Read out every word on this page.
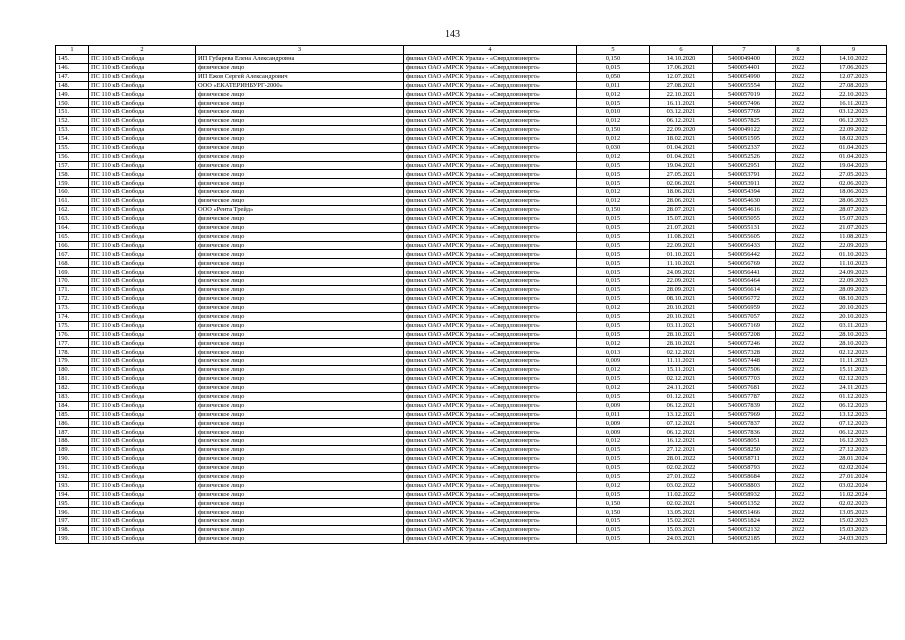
143
1	2	3	4	5	6	7	8	9
145.	ПС 110 кВ Свобода	ИП Губарева Елена Александровна	филиал ОАО «МРСК Урала» - «Свердловэнерго»	0,150	14.10.2020	5400049400	2022	14.10.2022
146.	ПС 110 кВ Свобода	физическое лицо	филиал ОАО «МРСК Урала» - «Свердловэнерго»	0,015	17.06.2021	5400054401	2022	17.06.2023
147.	ПС 110 кВ Свобода	ИП Ежов Сергей Александрович	филиал ОАО «МРСК Урала» - «Свердловэнерго»	0,050	12.07.2021	5400054990	2022	12.07.2023
148.	ПС 110 кВ Свобода	ООО «ЕКАТЕРИНБУРГ-2000»	филиал ОАО «МРСК Урала» - «Свердловэнерго»	0,011	27.08.2021	5400055554	2022	27.08.2023
149.	ПС 110 кВ Свобода	физическое лицо	филиал ОАО «МРСК Урала» - «Свердловэнерго»	0,012	22.10.2021	5400057019	2022	22.10.2023
150.	ПС 110 кВ Свобода	физическое лицо	филиал ОАО «МРСК Урала» - «Свердловэнерго»	0,015	16.11.2021	5400057496	2022	16.11.2023
151.	ПС 110 кВ Свобода	физическое лицо	филиал ОАО «МРСК Урала» - «Свердловэнерго»	0,010	03.12.2021	5400057769	2022	03.12.2023
152.	ПС 110 кВ Свобода	физическое лицо	филиал ОАО «МРСК Урала» - «Свердловэнерго»	0,012	06.12.2021	5400057825	2022	06.12.2023
153.	ПС 110 кВ Свобода	физическое лицо	филиал ОАО «МРСК Урала» - «Свердловэнерго»	0,150	22.09.2020	5400049122	2022	22.09.2022
154.	ПС 110 кВ Свобода	физическое лицо	филиал ОАО «МРСК Урала» - «Свердловэнерго»	0,012	18.02.2021	5400051595	2022	18.02.2023
155.	ПС 110 кВ Свобода	физическое лицо	филиал ОАО «МРСК Урала» - «Свердловэнерго»	0,030	01.04.2021	5400052337	2022	01.04.2023
156.	ПС 110 кВ Свобода	физическое лицо	филиал ОАО «МРСК Урала» - «Свердловэнерго»	0,012	01.04.2021	5400052526	2022	01.04.2023
157.	ПС 110 кВ Свобода	физическое лицо	филиал ОАО «МРСК Урала» - «Свердловэнерго»	0,015	19.04.2021	5400052951	2022	19.04.2023
158.	ПС 110 кВ Свобода	физическое лицо	филиал ОАО «МРСК Урала» - «Свердловэнерго»	0,015	27.05.2021	5400053791	2022	27.05.2023
159.	ПС 110 кВ Свобода	физическое лицо	филиал ОАО «МРСК Урала» - «Свердловэнерго»	0,015	02.06.2021	5400053911	2022	02.06.2023
160.	ПС 110 кВ Свобода	физическое лицо	филиал ОАО «МРСК Урала» - «Свердловэнерго»	0,012	18.06.2021	5400054394	2022	18.06.2023
161.	ПС 110 кВ Свобода	физическое лицо	филиал ОАО «МРСК Урала» - «Свердловэнерго»	0,012	28.06.2021	5400054630	2022	28.06.2023
162.	ПС 110 кВ Свобода	ООО «Рента Трейд»	филиал ОАО «МРСК Урала» - «Свердловэнерго»	0,150	28.07.2021	5400054616	2022	28.07.2023
163.	ПС 110 кВ Свобода	физическое лицо	филиал ОАО «МРСК Урала» - «Свердловэнерго»	0,015	15.07.2021	5400055055	2022	15.07.2023
164.	ПС 110 кВ Свобода	физическое лицо	филиал ОАО «МРСК Урала» - «Свердловэнерго»	0,015	21.07.2021	5400055131	2022	21.07.2023
165.	ПС 110 кВ Свобода	физическое лицо	филиал ОАО «МРСК Урала» - «Свердловэнерго»	0,015	11.08.2021	5400055605	2022	11.08.2023
166.	ПС 110 кВ Свобода	физическое лицо	филиал ОАО «МРСК Урала» - «Свердловэнерго»	0,015	22.09.2021	5400056433	2022	22.09.2023
167.	ПС 110 кВ Свобода	физическое лицо	филиал ОАО «МРСК Урала» - «Свердловэнерго»	0,015	01.10.2021	5400056442	2022	01.10.2023
168.	ПС 110 кВ Свобода	физическое лицо	филиал ОАО «МРСК Урала» - «Свердловэнерго»	0,015	11.10.2021	5400056769	2022	11.10.2023
169.	ПС 110 кВ Свобода	физическое лицо	филиал ОАО «МРСК Урала» - «Свердловэнерго»	0,015	24.09.2021	5400056441	2022	24.09.2023
170.	ПС 110 кВ Свобода	физическое лицо	филиал ОАО «МРСК Урала» - «Свердловэнерго»	0,015	22.09.2021	5400056464	2022	22.09.2023
171.	ПС 110 кВ Свобода	физическое лицо	филиал ОАО «МРСК Урала» - «Свердловэнерго»	0,015	28.09.2021	5400056614	2022	28.09.2023
172.	ПС 110 кВ Свобода	физическое лицо	филиал ОАО «МРСК Урала» - «Свердловэнерго»	0,015	08.10.2021	5400056772	2022	08.10.2023
173.	ПС 110 кВ Свобода	физическое лицо	филиал ОАО «МРСК Урала» - «Свердловэнерго»	0,012	20.10.2021	5400056959	2022	20.10.2023
174.	ПС 110 кВ Свобода	физическое лицо	филиал ОАО «МРСК Урала» - «Свердловэнерго»	0,015	20.10.2021	5400057057	2022	20.10.2023
175.	ПС 110 кВ Свобода	физическое лицо	филиал ОАО «МРСК Урала» - «Свердловэнерго»	0,015	03.11.2021	5400057169	2022	03.11.2023
176.	ПС 110 кВ Свобода	физическое лицо	филиал ОАО «МРСК Урала» - «Свердловэнерго»	0,015	28.10.2021	5400057208	2022	28.10.2023
177.	ПС 110 кВ Свобода	физическое лицо	филиал ОАО «МРСК Урала» - «Свердловэнерго»	0,012	28.10.2021	5400057246	2022	28.10.2023
178.	ПС 110 кВ Свобода	физическое лицо	филиал ОАО «МРСК Урала» - «Свердловэнерго»	0,013	02.12.2021	5400057328	2022	02.12.2023
179.	ПС 110 кВ Свобода	физическое лицо	филиал ОАО «МРСК Урала» - «Свердловэнерго»	0,009	11.11.2021	5400057448	2022	11.11.2023
180.	ПС 110 кВ Свобода	физическое лицо	филиал ОАО «МРСК Урала» - «Свердловэнерго»	0,012	15.11.2021	5400057506	2022	15.11.2023
181.	ПС 110 кВ Свобода	физическое лицо	филиал ОАО «МРСК Урала» - «Свердловэнерго»	0,015	02.12.2021	5400057703	2022	02.12.2023
182.	ПС 110 кВ Свобода	физическое лицо	филиал ОАО «МРСК Урала» - «Свердловэнерго»	0,012	24.11.2021	5400057681	2022	24.11.2023
183.	ПС 110 кВ Свобода	физическое лицо	филиал ОАО «МРСК Урала» - «Свердловэнерго»	0,015	01.12.2021	5400057787	2022	01.12.2023
184.	ПС 110 кВ Свобода	физическое лицо	филиал ОАО «МРСК Урала» - «Свердловэнерго»	0,009	06.12.2021	5400057839	2022	06.12.2023
185.	ПС 110 кВ Свобода	физическое лицо	филиал ОАО «МРСК Урала» - «Свердловэнерго»	0,011	13.12.2021	5400057969	2022	13.12.2023
186.	ПС 110 кВ Свобода	физическое лицо	филиал ОАО «МРСК Урала» - «Свердловэнерго»	0,009	07.12.2021	5400057837	2022	07.12.2023
187.	ПС 110 кВ Свобода	физическое лицо	филиал ОАО «МРСК Урала» - «Свердловэнерго»	0,009	06.12.2021	5400057836	2022	06.12.2023
188.	ПС 110 кВ Свобода	физическое лицо	филиал ОАО «МРСК Урала» - «Свердловэнерго»	0,012	16.12.2021	5400058051	2022	16.12.2023
189.	ПС 110 кВ Свобода	физическое лицо	филиал ОАО «МРСК Урала» - «Свердловэнерго»	0,015	27.12.2021	5400058250	2022	27.12.2023
190.	ПС 110 кВ Свобода	физическое лицо	филиал ОАО «МРСК Урала» - «Свердловэнерго»	0,015	28.01.2022	5400058711	2022	28.01.2024
191.	ПС 110 кВ Свобода	физическое лицо	филиал ОАО «МРСК Урала» - «Свердловэнерго»	0,015	02.02.2022	5400058793	2022	02.02.2024
192.	ПС 110 кВ Свобода	физическое лицо	филиал ОАО «МРСК Урала» - «Свердловэнерго»	0,015	27.01.2022	5400058684	2022	27.01.2024
193.	ПС 110 кВ Свобода	физическое лицо	филиал ОАО «МРСК Урала» - «Свердловэнерго»	0,012	03.02.2022	5400058803	2022	03.02.2024
194.	ПС 110 кВ Свобода	физическое лицо	филиал ОАО «МРСК Урала» - «Свердловэнерго»	0,015	11.02.2022	5400058932	2022	11.02.2024
195.	ПС 110 кВ Свобода	физическое лицо	филиал ОАО «МРСК Урала» - «Свердловэнерго»	0,150	02.02.2021	5400051352	2022	02.02.2023
196.	ПС 110 кВ Свобода	физическое лицо	филиал ОАО «МРСК Урала» - «Свердловэнерго»	0,150	13.05.2021	5400051466	2022	13.05.2023
197.	ПС 110 кВ Свобода	физическое лицо	филиал ОАО «МРСК Урала» - «Свердловэнерго»	0,015	15.02.2021	5400051824	2022	15.02.2023
198.	ПС 110 кВ Свобода	физическое лицо	филиал ОАО «МРСК Урала» - «Свердловэнерго»	0,015	15.03.2021	5400052132	2022	15.03.2023
199.	ПС 110 кВ Свобода	физическое лицо	филиал ОАО «МРСК Урала» - «Свердловэнерго»	0,015	24.03.2021	5400052185	2022	24.03.2023
